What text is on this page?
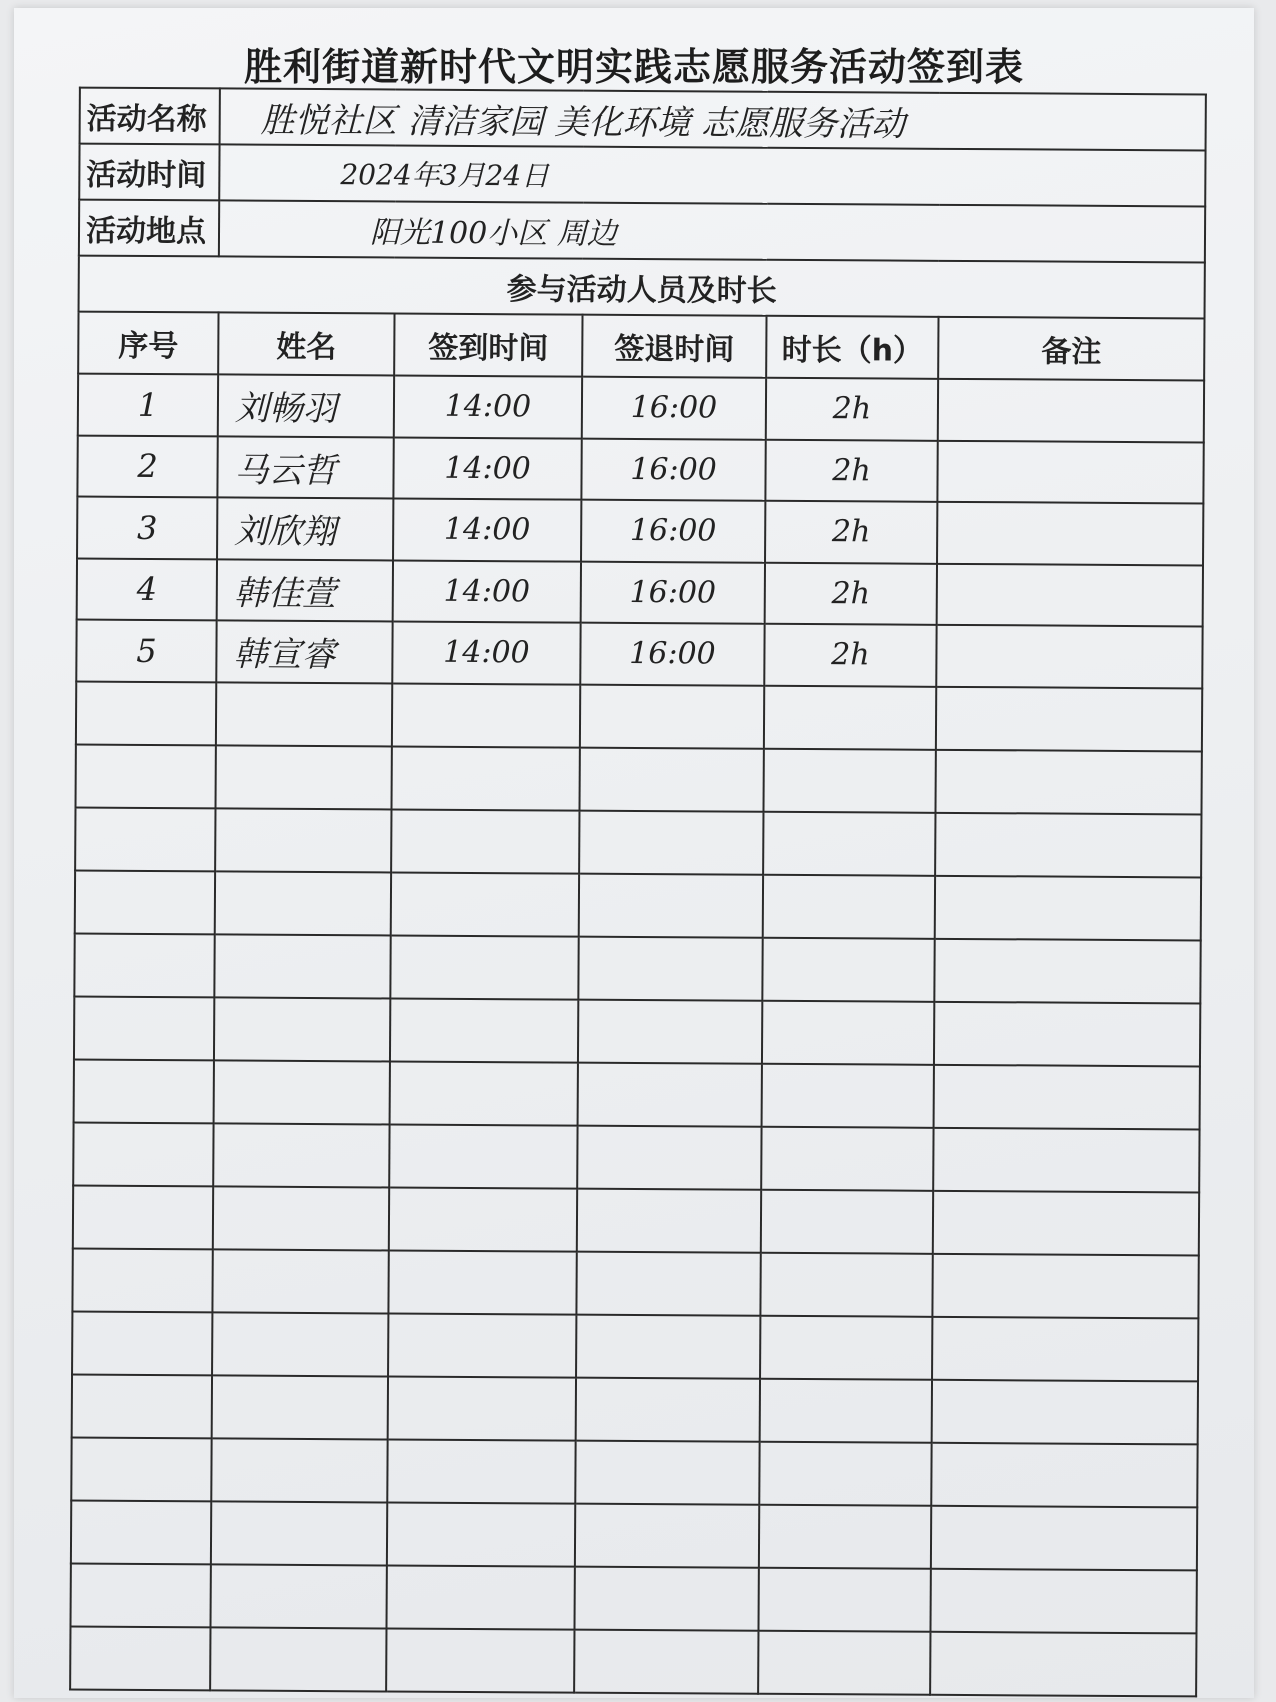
胜利街道新时代文明实践志愿服务活动签到表
活动名称	胜悦社区 清洁家园 美化环境 志愿服务活动				
活动时间	2024年3月24日				
活动地点	阳光100小区 周边				
参与活动人员及时长					
序号	姓名	签到时间	签退时间	时长（h）	备注
1	刘畅羽	14:00	16:00	2h	
2	马云哲	14:00	16:00	2h	
3	刘欣翔	14:00	16:00	2h	
4	韩佳萱	14:00	16:00	2h	
5	韩宣睿	14:00	16:00	2h	
